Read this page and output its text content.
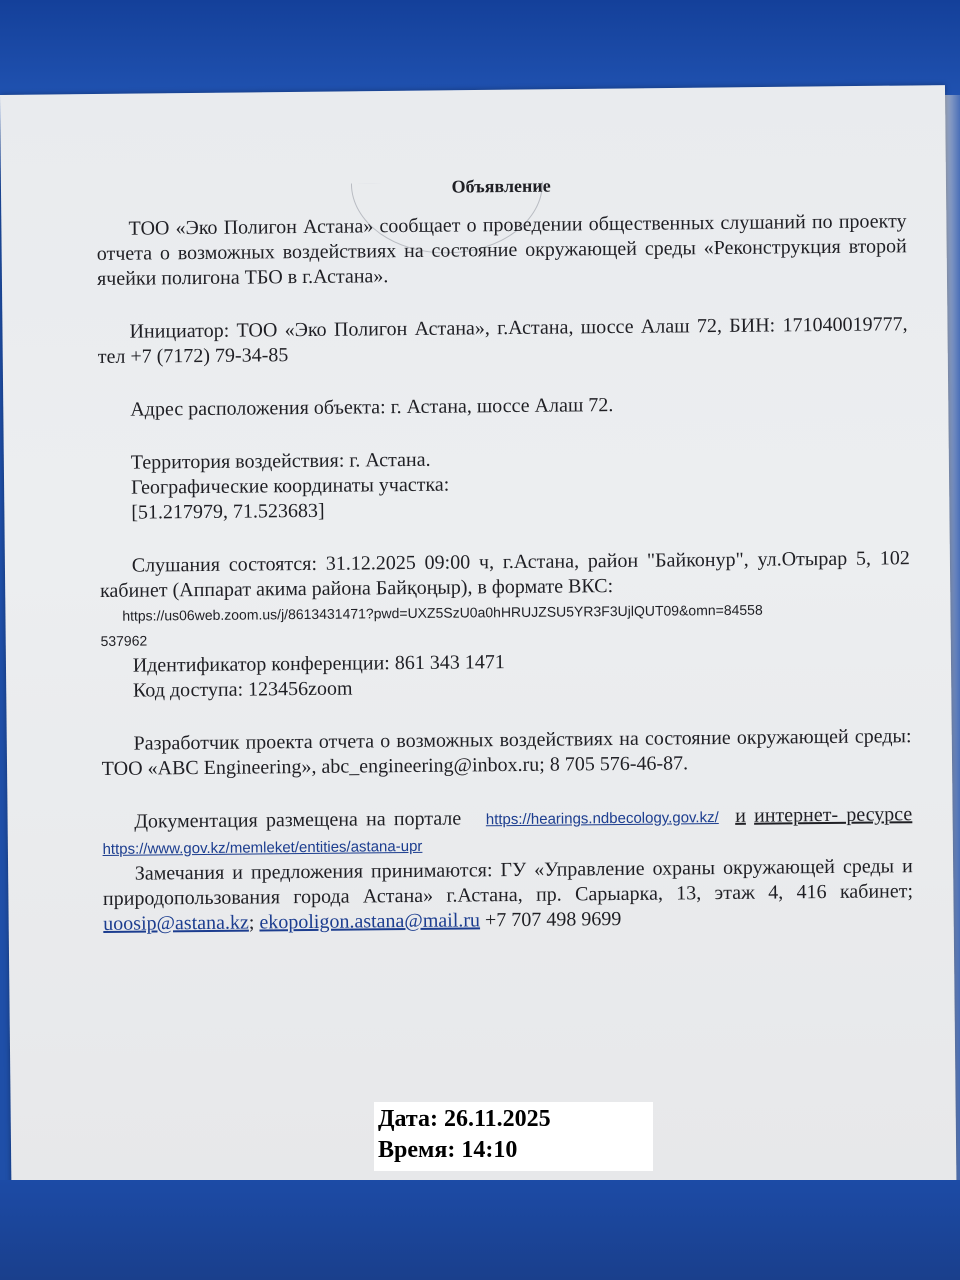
Объявление

ТОО «Эко Полигон Астана» сообщает о проведении общественных слушаний по проекту отчета о возможных воздействиях на состояние окружающей среды «Реконструкция второй ячейки полигона ТБО в г.Астана».

Инициатор: ТОО «Эко Полигон Астана», г.Астана, шоссе Алаш 72, БИН: 171040019777, тел +7 (7172) 79-34-85

Адрес расположения объекта: г. Астана, шоссе Алаш 72.

Территория воздействия: г. Астана.

Географические координаты участка:

[51.217979, 71.523683]

Слушания состоятся: 31.12.2025 09:00 ч, г.Астана, район "Байконур", ул.Отырар 5, 102 кабинет (Аппарат акима района Байқоңыр), в формате ВКС:

https://us06web.zoom.us/j/8613431471?pwd=UXZ5SzU0a0hHRUJZSU5YR3F3UjlQUT09&omn=84558
537962

Идентификатор конференции: 861 343 1471

Код доступа: 123456zoom

Разработчик проекта отчета о возможных воздействиях на состояние окружающей среды: ТОО «ABC Engineering», abc_engineering@inbox.ru; 8 705 576-46-87.

Документация размещена на портале https://hearings.ndbecology.gov.kz/ и интернет- ресурсе https://www.gov.kz/memleket/entities/astana-upr

Замечания и предложения принимаются: ГУ «Управление охраны окружающей среды и природопользования города Астана» г.Астана, пр. Сарыарка, 13, этаж 4, 416 кабинет; uoosip@astana.kz; ekopoligon.astana@mail.ru +7 707 498 9699

Дата: 26.11.2025
Время: 14:10
